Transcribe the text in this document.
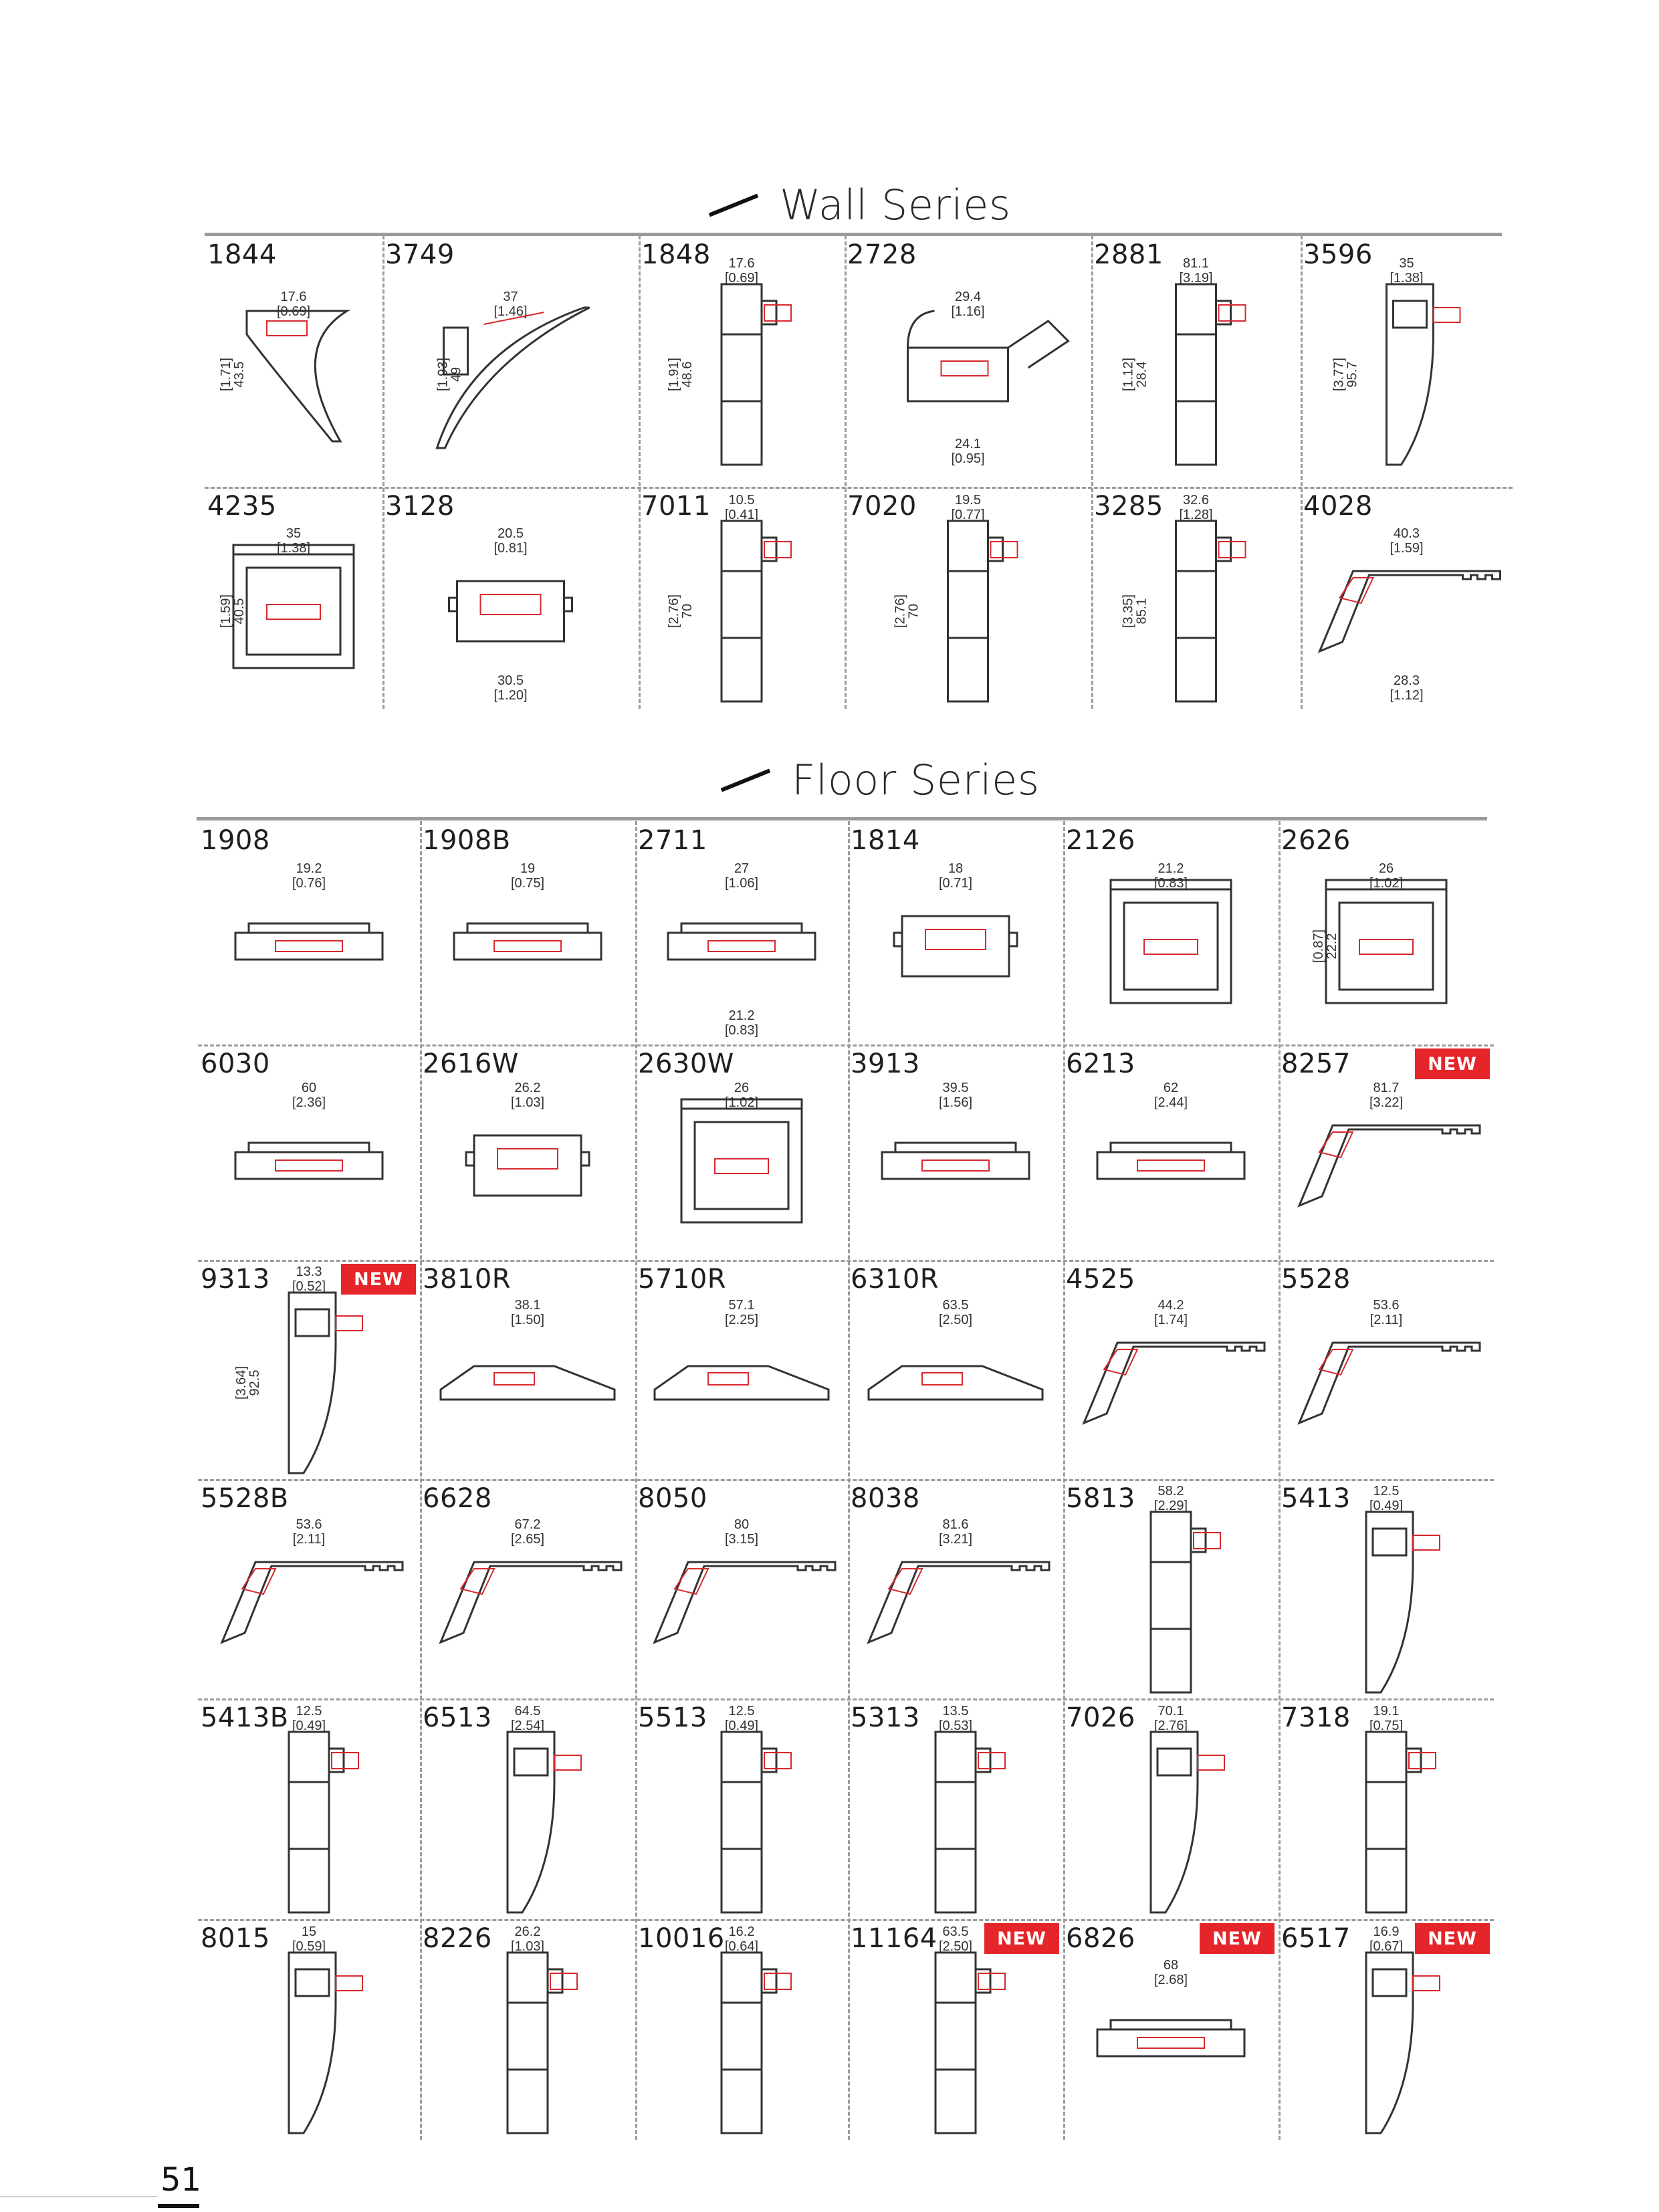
Wall Series
17.6
[0.69]
43.5
[1.71]
1844
37
[1.46]
49
[1.93]
3749	17.6
[0.69]
48.6
[1.91]
1848
29.4
[1.16]
24.1
[0.95]
2728	81.1
[3.19]
28.4
[1.12]
2881	35
[1.38]
95.7
[3.77]
3596
35
[1.38]
40.5
[1.59]
4235
20.5
[0.81]
30.5
[1.20]
3128	10.5
[0.41]
70
[2.76]
7011	19.5
[0.77]
70
[2.76]
7020	32.6
[1.28]
85.1
[3.35]
3285
40.3
[1.59]
28.3
[1.12]
4028
Floor Series
19.2
[0.76]
1908
19
[0.75]
1908B
27
[1.06]
21.2
[0.83]
2711
18
[0.71]
1814
21.2
[0.83]
2126
26
[1.02]
22.2
[0.87]
2626
60
[2.36]
6030
26.2
[1.03]
2616W
26
[1.02]
2630W
39.5
[1.56]
3913
62
[2.44]
6213
81.7
[3.22]
8257	NEW
13.3
[0.52]
92.5
[3.64]
9313	NEW
38.1
[1.50]
3810R
57.1
[2.25]
5710R
63.5
[2.50]
6310R
44.2
[1.74]
4525
53.6
[2.11]
5528
53.6
[2.11]
5528B
67.2
[2.65]
6628
80
[3.15]
8050
81.6
[3.21]
8038	58.2
[2.29]
5813	12.5
[0.49]
5413
12.5
[0.49]
5413B	64.5
[2.54]
6513	12.5
[0.49]
5513	13.5
[0.53]
5313	70.1
[2.76]
7026	19.1
[0.75]
7318
15
[0.59]
8015	26.2
[1.03]
8226	16.2
[0.64]
10016	63.5
[2.50]
11164	NEW
68
[2.68]
6826	NEW	16.9
[0.67]
6517	NEW
51
